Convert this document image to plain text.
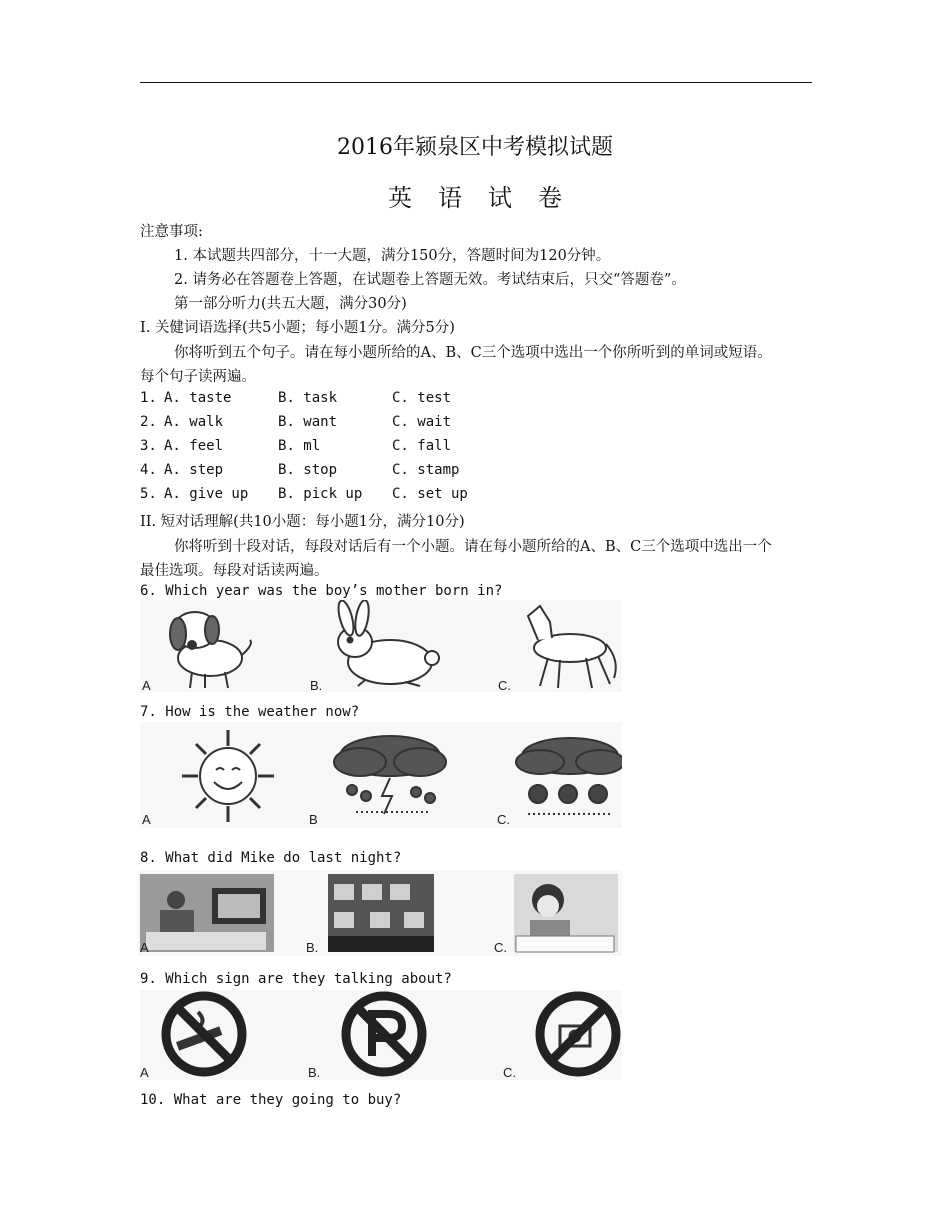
2016年颍泉区中考模拟试题
英语试卷
注意事项:
1. 本试题共四部分，十一大题，满分150分，答题时间为120分钟。
2. 请务必在答题卷上答题，在试题卷上答题无效。考试结束后，只交“答题卷”。
第一部分听力(共五大题，满分30分)
I. 关健词语选择(共5小题；每小题1分。满分5分)
你将听到五个句子。请在每小题所给的A、B、C三个选项中选出一个你所听到的单词或短语。
每个句子读两遍。
1. A. taste	B. task	C. test
2. A. walk	B. want	C. wait
3. A. feel	B. ml	C. fall
4. A. step	B. stop	C. stamp
5. A. give up B. pick up C. set up
II. 短对话理解(共10小题：每小题1分，满分10分)
你将听到十段对话，每段对话后有一个小题。请在每小题所给的A、B、C三个选项中选出一个
最佳选项。每段对话读两遍。
6. Which year was the boy’s mother born in?
A	B.	C.
7. How is the weather now?
A	B	C.
8. What did Mike do last night?
A	B.	C.
9. Which sign are they talking about?
A	B.	C.
10. What are they going to buy?
